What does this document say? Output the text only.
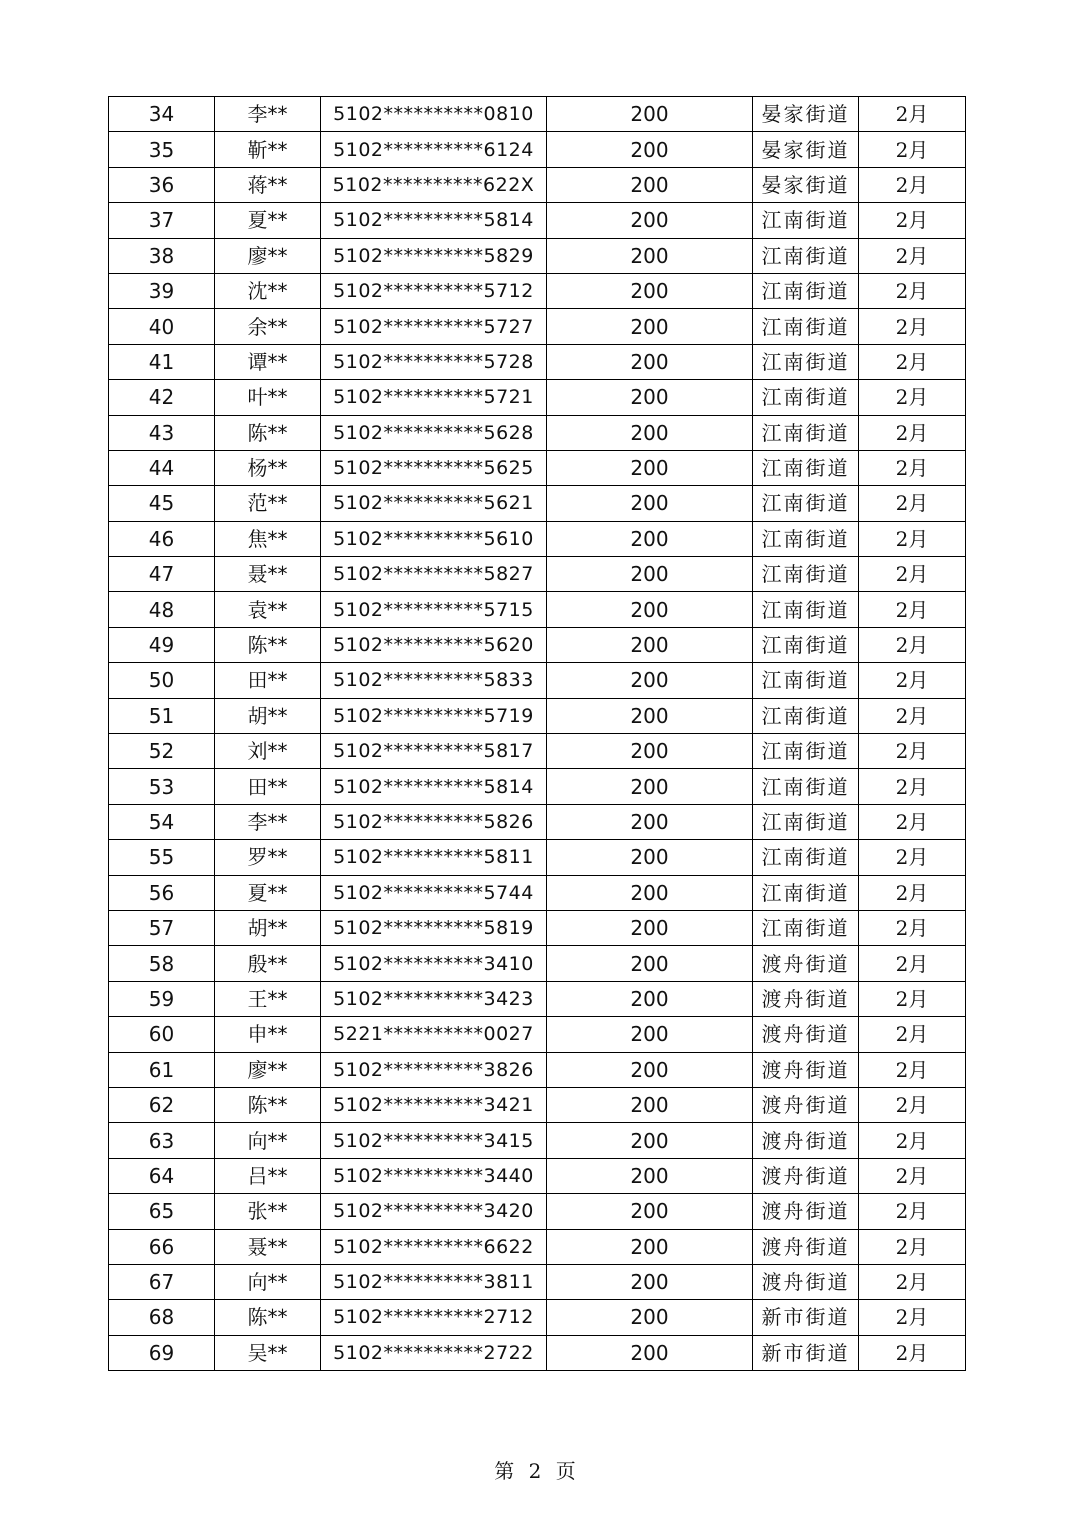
34	李**	5102**********0810	200	晏家街道	2月
35	靳**	5102**********6124	200	晏家街道	2月
36	蒋**	5102**********622X	200	晏家街道	2月
37	夏**	5102**********5814	200	江南街道	2月
38	廖**	5102**********5829	200	江南街道	2月
39	沈**	5102**********5712	200	江南街道	2月
40	余**	5102**********5727	200	江南街道	2月
41	谭**	5102**********5728	200	江南街道	2月
42	叶**	5102**********5721	200	江南街道	2月
43	陈**	5102**********5628	200	江南街道	2月
44	杨**	5102**********5625	200	江南街道	2月
45	范**	5102**********5621	200	江南街道	2月
46	焦**	5102**********5610	200	江南街道	2月
47	聂**	5102**********5827	200	江南街道	2月
48	袁**	5102**********5715	200	江南街道	2月
49	陈**	5102**********5620	200	江南街道	2月
50	田**	5102**********5833	200	江南街道	2月
51	胡**	5102**********5719	200	江南街道	2月
52	刘**	5102**********5817	200	江南街道	2月
53	田**	5102**********5814	200	江南街道	2月
54	李**	5102**********5826	200	江南街道	2月
55	罗**	5102**********5811	200	江南街道	2月
56	夏**	5102**********5744	200	江南街道	2月
57	胡**	5102**********5819	200	江南街道	2月
58	殷**	5102**********3410	200	渡舟街道	2月
59	王**	5102**********3423	200	渡舟街道	2月
60	申**	5221**********0027	200	渡舟街道	2月
61	廖**	5102**********3826	200	渡舟街道	2月
62	陈**	5102**********3421	200	渡舟街道	2月
63	向**	5102**********3415	200	渡舟街道	2月
64	吕**	5102**********3440	200	渡舟街道	2月
65	张**	5102**********3420	200	渡舟街道	2月
66	聂**	5102**********6622	200	渡舟街道	2月
67	向**	5102**********3811	200	渡舟街道	2月
68	陈**	5102**********2712	200	新市街道	2月
69	吴**	5102**********2722	200	新市街道	2月
第 2 页
